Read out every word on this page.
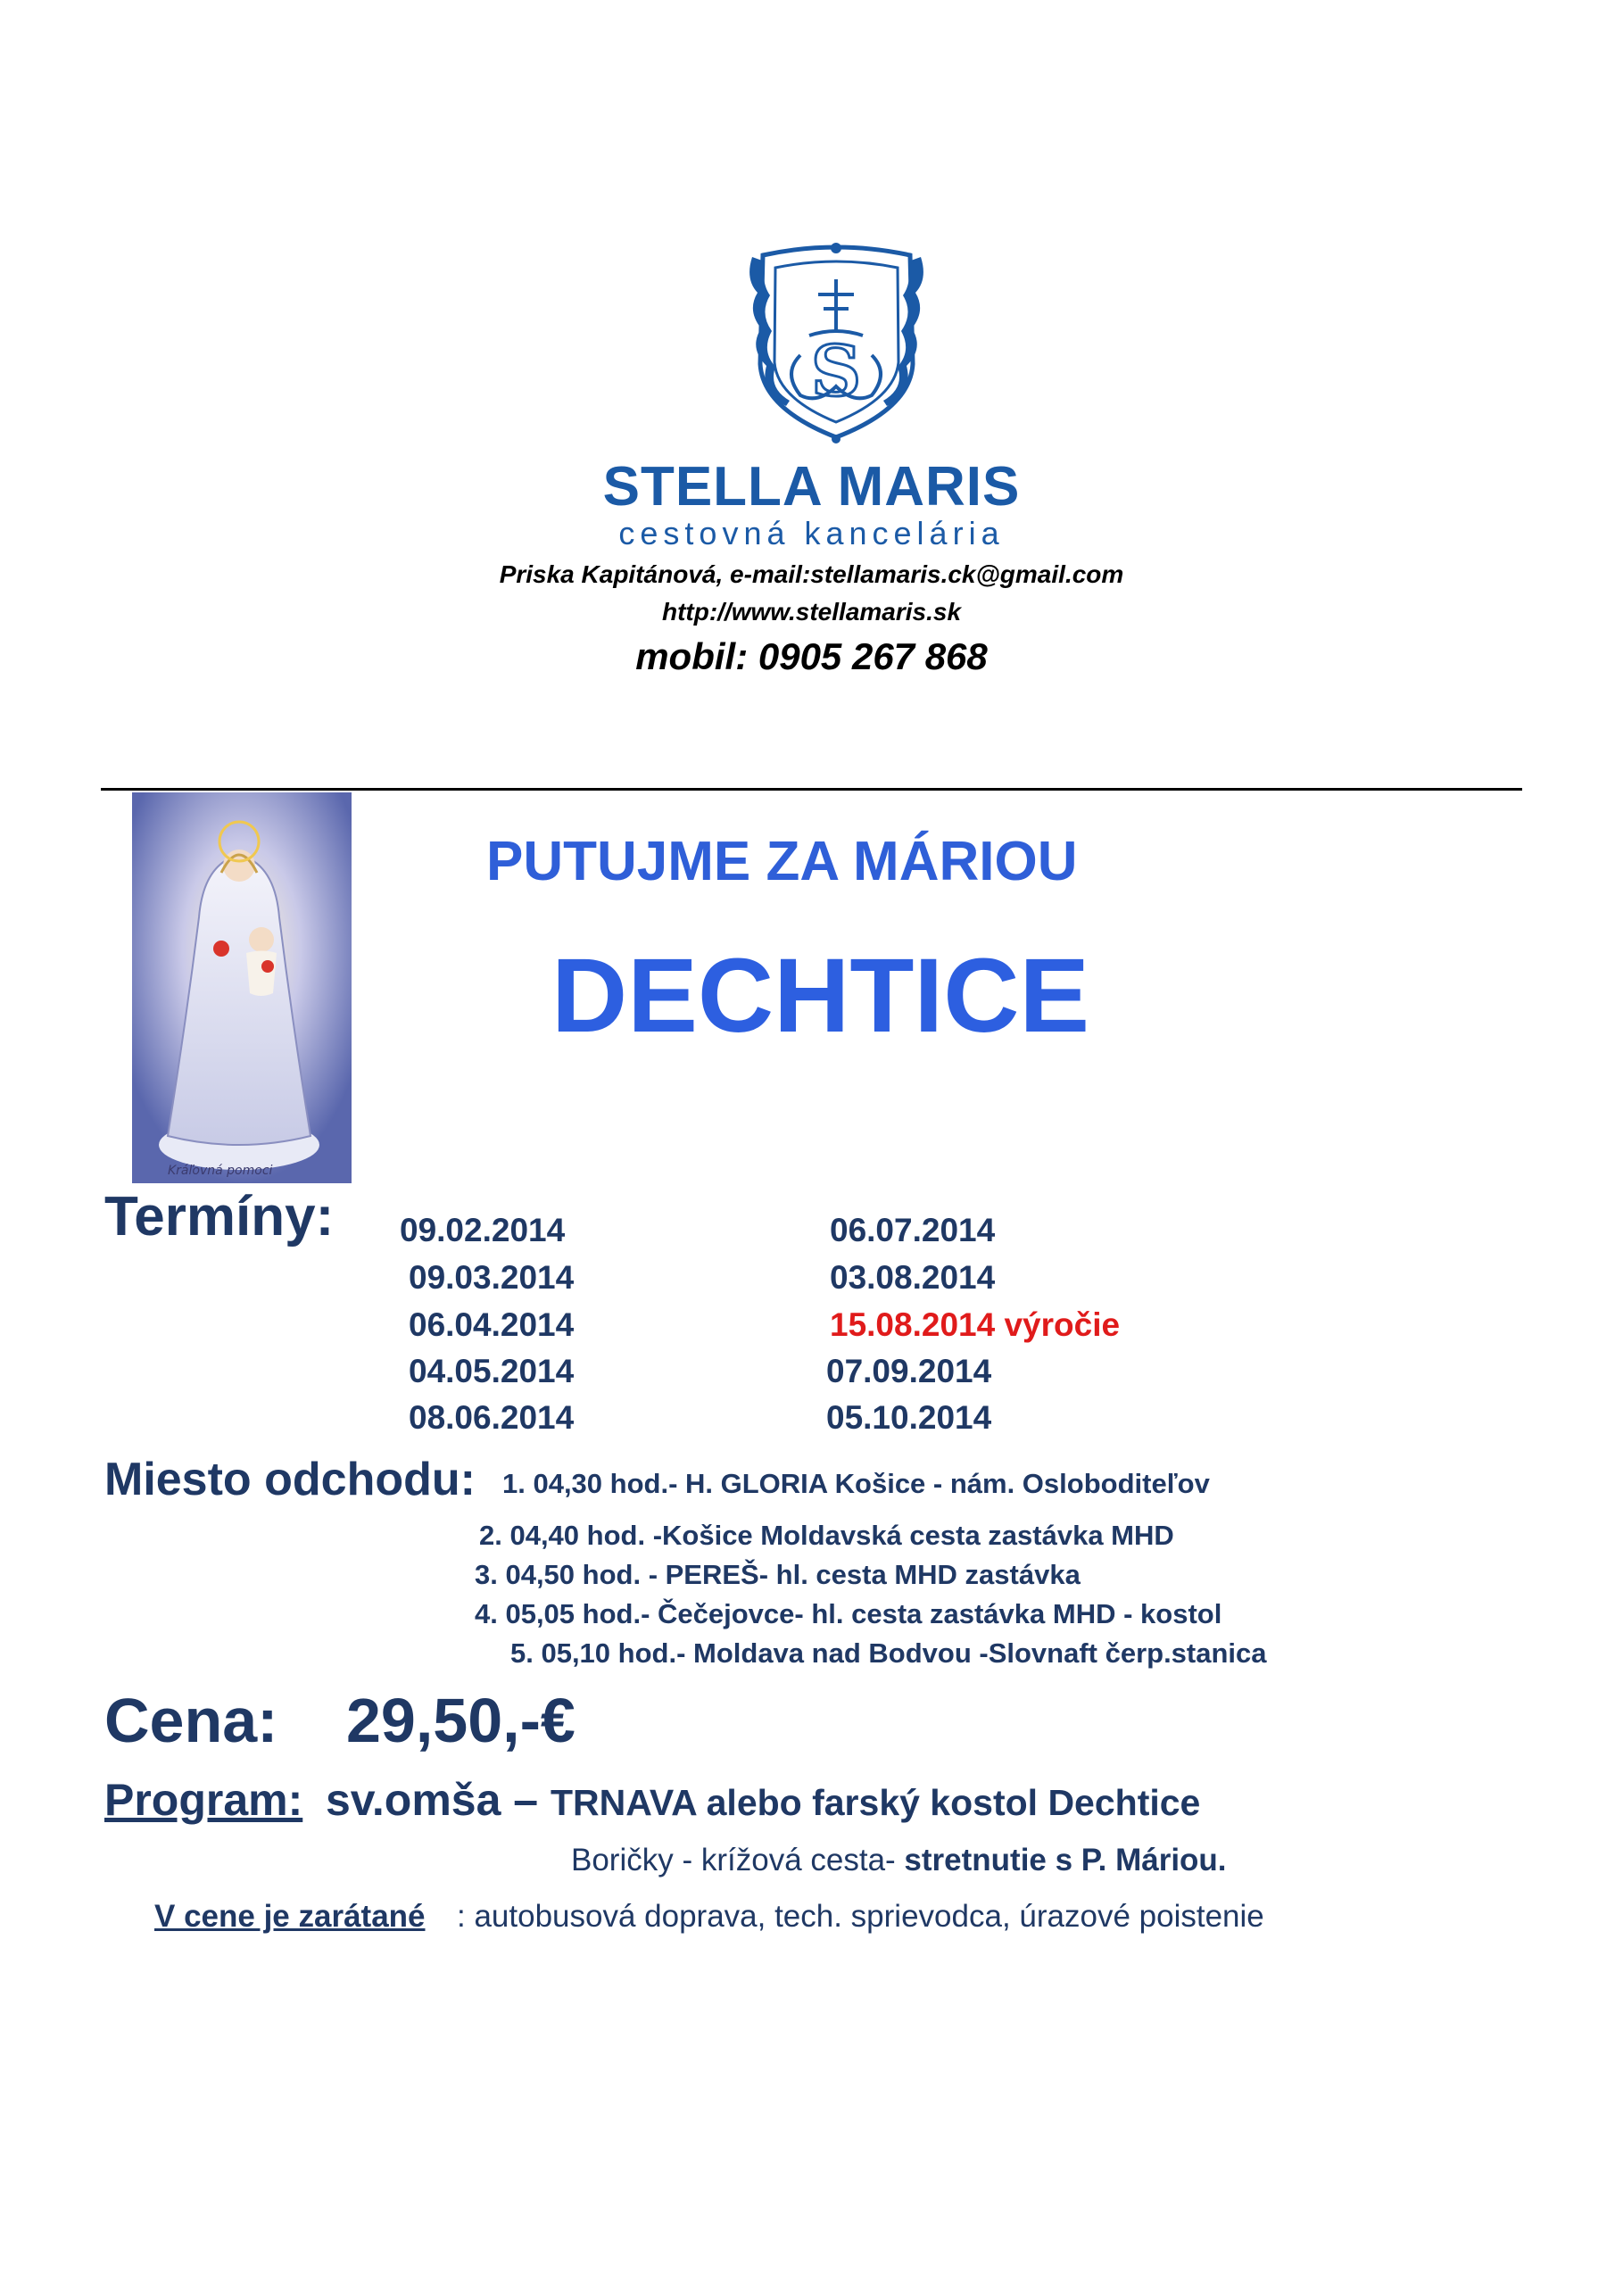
S
STELLA MARIS
cestovná kancelária
Priska Kapitánová, e-mail:stellamaris.ck@gmail.com
http://www.stellamaris.sk
mobil: 0905 267 868
Kráľovná pomoci
PUTUJME ZA MÁRIOU
DECHTICE
Termíny: 09.02.2014
09.03.2014
06.04.2014
04.05.2014
08.06.2014
06.07.2014
03.08.2014
15.08.2014 výročie
07.09.2014
05.10.2014
Miesto odchodu: 1. 04,30 hod.- H. GLORIA Košice - nám. Osloboditeľov
2. 04,40 hod. -Košice Moldavská cesta zastávka MHD
3. 04,50 hod. - PEREŠ- hl. cesta MHD zastávka
4. 05,05 hod.- Čečejovce- hl. cesta zastávka MHD - kostol
5. 05,10 hod.- Moldava nad Bodvou -Slovnaft čerp.stanica
Cena: 29,50,-€
Program: sv.omša – TRNAVA alebo farský kostol Dechtice
Boričky - krížová cesta- stretnutie s P. Máriou.
V cene je zarátané : autobusová doprava, tech. sprievodca, úrazové poistenie
